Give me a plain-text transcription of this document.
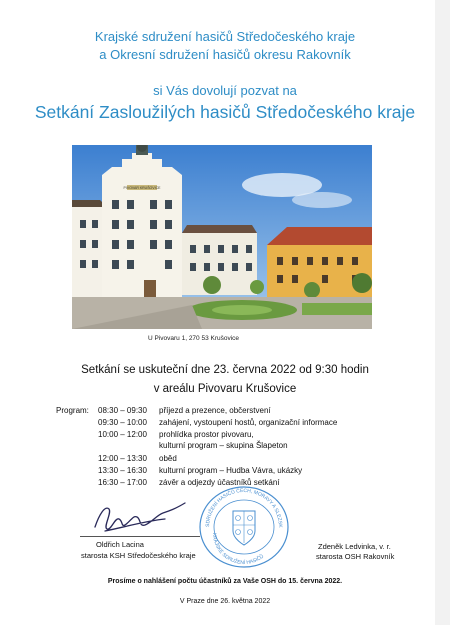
Krajské sdružení hasičů Středočeského kraje
a Okresní sdružení hasičů okresu Rakovník
si Vás dovolují pozvat na
Setkání Zasloužilých hasičů Středočeského kraje
PIVOVAR KRUŠOVICE
U Pivovaru 1, 270 53 Krušovice
Setkání se uskuteční dne 23. června 2022 od 9:30 hodin
v areálu Pivovaru Krušovice
Program: 08:30 – 09:30 příjezd a prezence, občerstvení
09:30 – 10:00 zahájení, vystoupení hostů, organizační informace
10:00 – 12:00 prohlídka prostor pivovaru,
kulturní program – skupina Šlapeton
12:00 – 13:30 oběd
13:30 – 16:30 kulturní program – Hudba Vávra, ukázky
16:30 – 17:00 závěr a odjezdy účastníků setkání
Oldřich Lacina
starosta KSH Středočeského kraje
SDRUŽENÍ HASIČŮ ČECH, MORAVY A SLEZSK
KRAJSKÉ SDRUŽENÍ HASIČŮ
Zdeněk Ledvinka, v. r.
starosta OSH Rakovník
Prosíme o nahlášení počtu účastníků za Vaše OSH do 15. června 2022.
V Praze dne 26. května 2022
